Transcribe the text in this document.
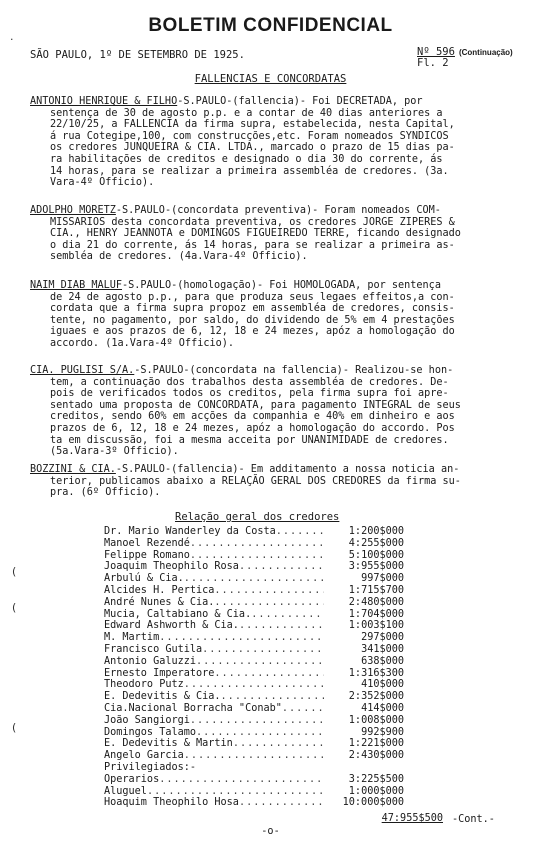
BOLETIM CONFIDENCIAL
SÃO PAULO, 1º DE SETEMBRO DE 1925.	Nº 596 $^{(Continuação)}$
Fl. 2
FALLENCIAS E CONCORDATAS
ANTONIO HENRIQUE & FILHO-S.PAULO-(fallencia)- Foi DECRETADA, por
sentença de 30 de agosto p.p. e a contar de 40 dias anteriores a
22/10/25, a FALLENCIA da firma supra, estabelecida, nesta Capital,
á rua Cotegipe,100, com construcções,etc. Foram nomeados SYNDICOS
os credores JUNQUEIRA & CIA. LTDA., marcado o prazo de 15 dias pa-
ra habilitações de creditos e designado o dia 30 do corrente, ás
14 horas, para se realizar a primeira assembléa de credores. (3a.
Vara-4º Officio).
ADOLPHO MORETZ-S.PAULO-(concordata preventiva)- Foram nomeados COM-
MISSARIOS desta concordata preventiva, os credores JORGE ZIPERES &
CIA., HENRY JEANNOTA e DOMINGOS FIGUEIREDO TERRE, ficando designado
o dia 21 do corrente, ás 14 horas, para se realizar a primeira as-
sembléa de credores. (4a.Vara-4º Officio).
NAIM DIAB MALUF-S.PAULO-(homologação)- Foi HOMOLOGADA, por sentença
de 24 de agosto p.p., para que produza seus legaes effeitos,a con-
cordata que a firma supra propoz em assembléa de credores, consis-
tente, no pagamento, por saldo, do dividendo de 5% em 4 prestações
iguaes e aos prazos de 6, 12, 18 e 24 mezes, apóz a homologação do
accordo. (1a.Vara-4º Officio).
CIA. PUGLISI S/A.-S.PAULO-(concordata na fallencia)- Realizou-se hon-
tem, a continuação dos trabalhos desta assembléa de credores. De-
pois de verificados todos os creditos, pela firma supra foi apre-
sentado uma proposta de CONCORDATA, para pagamento INTEGRAL de seus
creditos, sendo 60% em acções da companhia e 40% em dinheiro e aos
prazos de 6, 12, 18 e 24 mezes, apóz a homologação do accordo. Pos
ta em discussão, foi a mesma acceita por UNANIMIDADE de credores.
(5a.Vara-3º Officio).
BOZZINI & CIA.-S.PAULO-(fallencia)- Em additamento a nossa noticia an-
terior, publicamos abaixo a RELAÇÃO GERAL DOS CREDORES da firma su-
pra. (6º Officio).
Relação geral dos credores
Dr. Mario Wanderley da Costa .....	1:200$000
Manoel Rezendé .....	4:255$000
Felippe Romano .....	5:100$000
Joaquim Theophilo Rosa .....	3:955$000
Arbulú & Cia. .....	997$000
Alcides H. Pertica .....	1:715$700
André Nunes & Cia. .....	2:480$000
Mucia, Caltabiano & Cia. .....	1:704$000
Edward Ashworth & Cia. .....	1:003$100
M. Martim .....	297$000
Francisco Gutila .....	341$000
Antonio Galuzzi .....	638$000
Ernesto Imperatore .....	1:316$300
Theodoro Putz .....	410$000
E. Dedevitis & Cia. .....	2:352$000
Cia.Nacional Borracha "Conab" .....	414$000
João Sangiorgi .....	1:008$000
Domingos Talamo .....	992$900
E. Dedevitis & Martin .....	1:221$000
Angelo Garcia .....	2:430$000
Privilegiados:-
Operarios .....	3:225$500
Aluguel .....	1:000$000
Hoaquim Theophilo Hosa .....	10:000$000
47:955$500 -Cont.-
-o-
·
(
(
(
